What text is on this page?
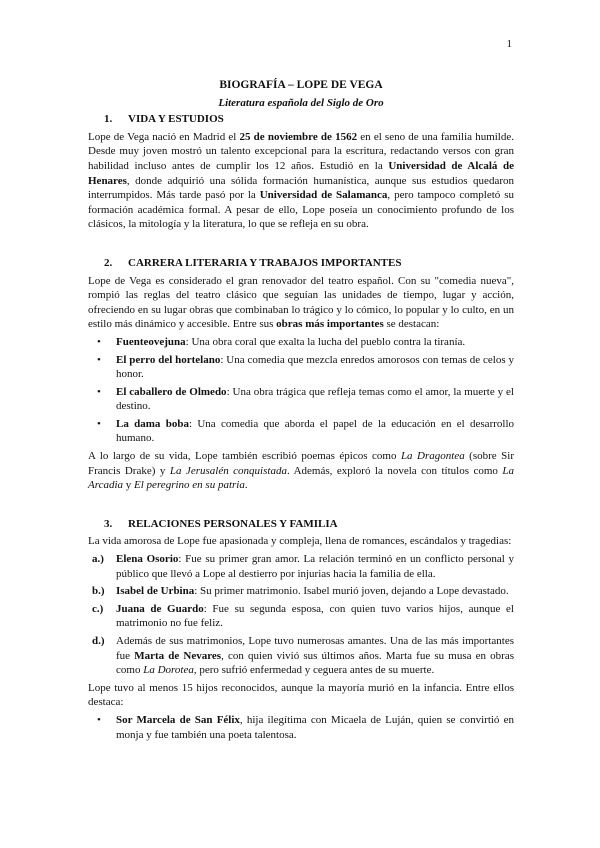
1
BIOGRAFÍA – LOPE DE VEGA
Literatura española del Siglo de Oro
1. VIDA Y ESTUDIOS

Lope de Vega nació en Madrid el 25 de noviembre de 1562 en el seno de una familia humilde. Desde muy joven mostró un talento excepcional para la escritura, redactando versos con gran habilidad incluso antes de cumplir los 12 años. Estudió en la Universidad de Alcalá de Henares, donde adquirió una sólida formación humanística, aunque sus estudios quedaron interrumpidos. Más tarde pasó por la Universidad de Salamanca, pero tampoco completó su formación académica formal. A pesar de ello, Lope poseía un conocimiento profundo de los clásicos, la mitología y la literatura, lo que se refleja en su obra.

2. CARRERA LITERARIA Y TRABAJOS IMPORTANTES

Lope de Vega es considerado el gran renovador del teatro español. Con su "comedia nueva", rompió las reglas del teatro clásico que seguían las unidades de tiempo, lugar y acción, ofreciendo en su lugar obras que combinaban lo trágico y lo cómico, lo popular y lo culto, en un estilo más dinámico y accesible. Entre sus obras más importantes se destacan:

• Fuenteovejuna: Una obra coral que exalta la lucha del pueblo contra la tiranía.
• El perro del hortelano: Una comedia que mezcla enredos amorosos con temas de celos y honor.
• El caballero de Olmedo: Una obra trágica que refleja temas como el amor, la muerte y el destino.
• La dama boba: Una comedia que aborda el papel de la educación en el desarrollo humano.

A lo largo de su vida, Lope también escribió poemas épicos como La Dragontea (sobre Sir Francis Drake) y La Jerusalén conquistada. Además, exploró la novela con títulos como La Arcadia y El peregrino en su patria.

3. RELACIONES PERSONALES Y FAMILIA

La vida amorosa de Lope fue apasionada y compleja, llena de romances, escándalos y tragedias:

a.) Elena Osorio: Fue su primer gran amor. La relación terminó en un conflicto personal y público que llevó a Lope al destierro por injurias hacia la familia de ella.
b.) Isabel de Urbina: Su primer matrimonio. Isabel murió joven, dejando a Lope devastado.
c.) Juana de Guardo: Fue su segunda esposa, con quien tuvo varios hijos, aunque el matrimonio no fue feliz.
d.) Además de sus matrimonios, Lope tuvo numerosas amantes. Una de las más importantes fue Marta de Nevares, con quien vivió sus últimos años. Marta fue su musa en obras como La Dorotea, pero sufrió enfermedad y ceguera antes de su muerte.

Lope tuvo al menos 15 hijos reconocidos, aunque la mayoría murió en la infancia. Entre ellos destaca:

• Sor Marcela de San Félix, hija ilegítima con Micaela de Luján, quien se convirtió en monja y fue también una poeta talentosa.
